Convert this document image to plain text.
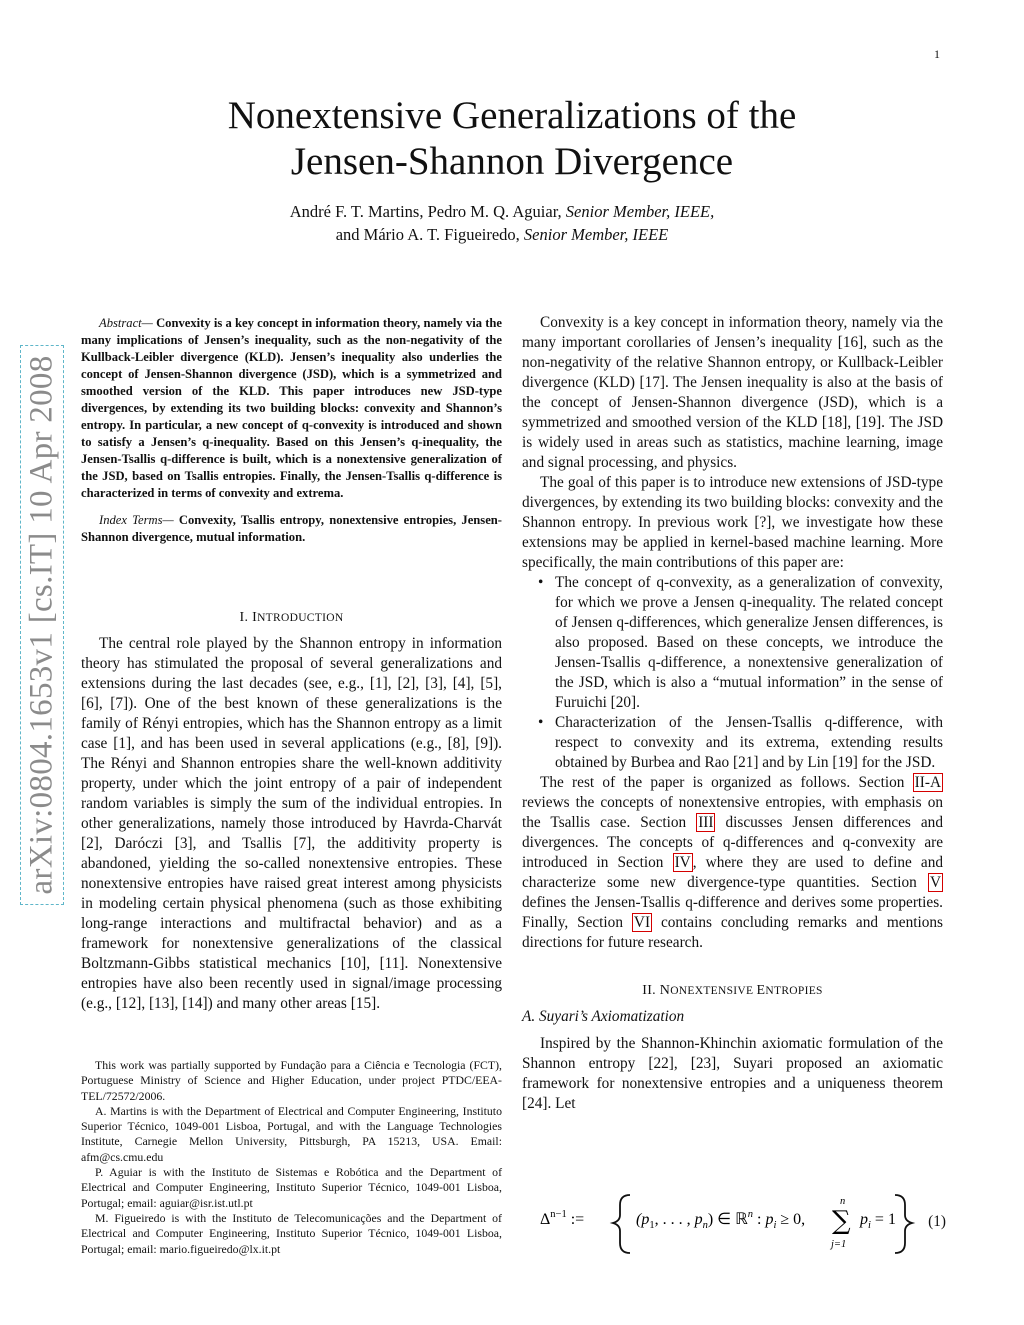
1
arXiv:0804.1653v1 [cs.IT] 10 Apr 2008
Nonextensive Generalizations of the
Jensen-Shannon Divergence
André F. T. Martins, Pedro M. Q. Aguiar, Senior Member, IEEE,
and Mário A. T. Figueiredo, Senior Member, IEEE

Abstract— Convexity is a key concept in information theory, namely via the many implications of Jensen’s inequality, such as the non-negativity of the Kullback-Leibler divergence (KLD). Jensen’s inequality also underlies the concept of Jensen-Shannon divergence (JSD), which is a symmetrized and smoothed version of the KLD. This paper introduces new JSD-type divergences, by extending its two building blocks: convexity and Shannon’s entropy. In particular, a new concept of q-convexity is introduced and shown to satisfy a Jensen’s q-inequality. Based on this Jensen’s q-inequality, the Jensen-Tsallis q-difference is built, which is a nonextensive generalization of the JSD, based on Tsallis entropies. Finally, the Jensen-Tsallis q-difference is characterized in terms of convexity and extrema.

Index Terms— Convexity, Tsallis entropy, nonextensive entropies, Jensen-Shannon divergence, mutual information.

I. INTRODUCTION

The central role played by the Shannon entropy in information theory has stimulated the proposal of several generalizations and extensions during the last decades (see, e.g., [1], [2], [3], [4], [5], [6], [7]). One of the best known of these generalizations is the family of Rényi entropies, which has the Shannon entropy as a limit case [1], and has been used in several applications (e.g., [8], [9]). The Rényi and Shannon entropies share the well-known additivity property, under which the joint entropy of a pair of independent random variables is simply the sum of the individual entropies. In other generalizations, namely those introduced by Havrda-Charvát [2], Daróczi [3], and Tsallis [7], the additivity property is abandoned, yielding the so-called nonextensive entropies. These nonextensive entropies have raised great interest among physicists in modeling certain physical phenomena (such as those exhibiting long-range interactions and multifractal behavior) and as a framework for nonextensive generalizations of the classical Boltzmann-Gibbs statistical mechanics [10], [11]. Nonextensive entropies have also been recently used in signal/image processing (e.g., [12], [13], [14]) and many other areas [15].

This work was partially supported by Fundação para a Ciência e Tecnologia (FCT), Portuguese Ministry of Science and Higher Education, under project PTDC/EEA-TEL/72572/2006.

A. Martins is with the Department of Electrical and Computer Engineering, Instituto Superior Técnico, 1049-001 Lisboa, Portugal, and with the Language Technologies Institute, Carnegie Mellon University, Pittsburgh, PA 15213, USA. Email: afm@cs.cmu.edu

P. Aguiar is with the Instituto de Sistemas e Robótica and the Department of Electrical and Computer Engineering, Instituto Superior Técnico, 1049-001 Lisboa, Portugal; email: aguiar@isr.ist.utl.pt

M. Figueiredo is with the Instituto de Telecomunicações and the Department of Electrical and Computer Engineering, Instituto Superior Técnico, 1049-001 Lisboa, Portugal; email: mario.figueiredo@lx.it.pt

Convexity is a key concept in information theory, namely via the many important corollaries of Jensen’s inequality [16], such as the non-negativity of the relative Shannon entropy, or Kullback-Leibler divergence (KLD) [17]. The Jensen inequality is also at the basis of the concept of Jensen-Shannon divergence (JSD), which is a symmetrized and smoothed version of the KLD [18], [19]. The JSD is widely used in areas such as statistics, machine learning, image and signal processing, and physics.

The goal of this paper is to introduce new extensions of JSD-type divergences, by extending its two building blocks: convexity and the Shannon entropy. In previous work [?], we investigate how these extensions may be applied in kernel-based machine learning. More specifically, the main contributions of this paper are:

• The concept of q-convexity, as a generalization of convexity, for which we prove a Jensen q-inequality. The related concept of Jensen q-differences, which generalize Jensen differences, is also proposed. Based on these concepts, we introduce the Jensen-Tsallis q-difference, a nonextensive generalization of the JSD, which is also a “mutual information” in the sense of Furuichi [20].
• Characterization of the Jensen-Tsallis q-difference, with respect to convexity and its extrema, extending results obtained by Burbea and Rao [21] and by Lin [19] for the JSD.

The rest of the paper is organized as follows. Section II-A reviews the concepts of nonextensive entropies, with emphasis on the Tsallis case. Section III discusses Jensen differences and divergences. The concepts of q-differences and q-convexity are introduced in Section IV , where they are used to define and characterize some new divergence-type quantities. Section V defines the Jensen-Tsallis q-difference and derives some properties. Finally, Section VI contains concluding remarks and mentions directions for future research.

II. NONEXTENSIVE ENTROPIES
A. Suyari’s Axiomatization

Inspired by the Shannon-Khinchin axiomatic formulation of the Shannon entropy [22], [23], Suyari proposed an axiomatic framework for nonextensive entropies and a uniqueness theorem [24]. Let

$\Delta^{n-1}$ :=	($p_1$, . . . , $p_n$) ∈ ℝ$^n$ : $p_i \ge 0$, ∑
n
j=1
$p_i = 1$ (1)
